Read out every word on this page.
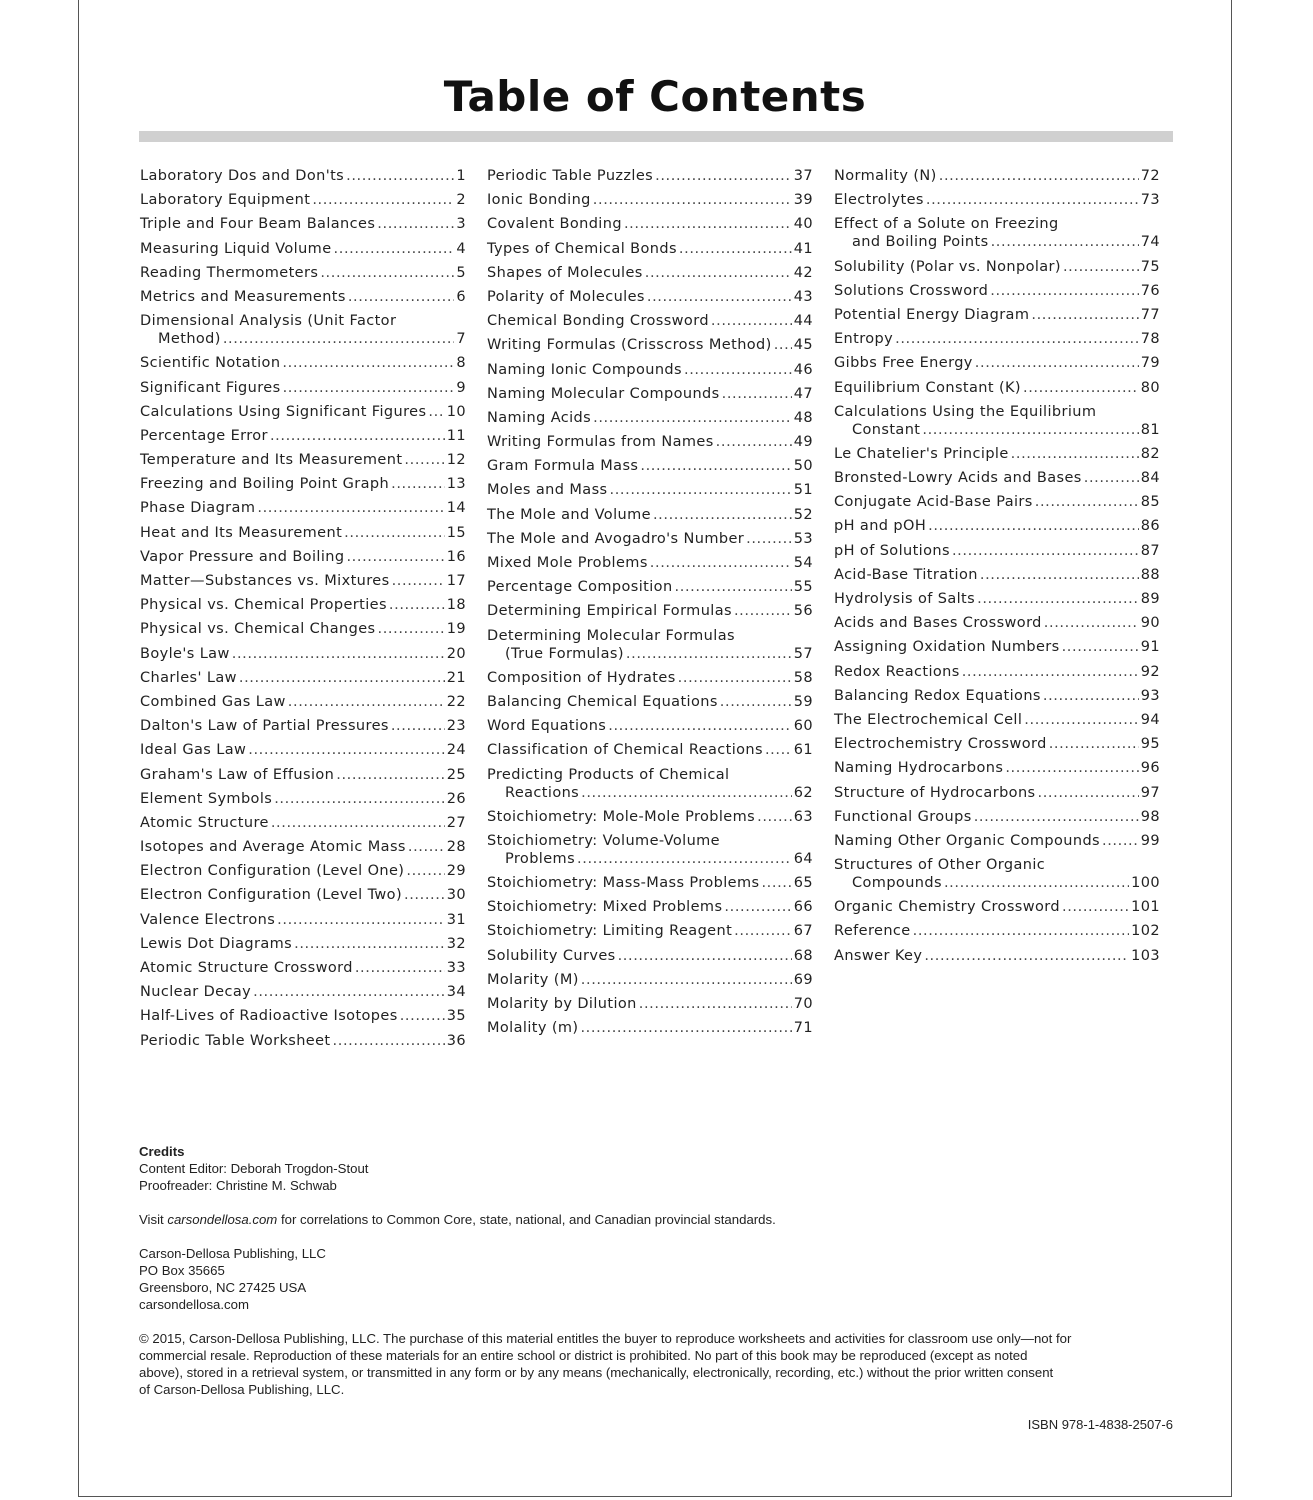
Table of Contents
Laboratory Dos and Don'ts .....	1
Laboratory Equipment .....	2
Triple and Four Beam Balances .....	3
Measuring Liquid Volume .....	4
Reading Thermometers .....	5
Metrics and Measurements .....	6
Dimensional Analysis (Unit Factor
Method) .....	7
Scientific Notation .....	8
Significant Figures .....	9
Calculations Using Significant Figures ..... 10
Percentage Error .....	11
Temperature and Its Measurement .....	12
Freezing and Boiling Point Graph .....	13
Phase Diagram .....	14
Heat and Its Measurement .....	15
Vapor Pressure and Boiling .....	16
Matter—Substances vs. Mixtures .....	17
Physical vs. Chemical Properties .....	18
Physical vs. Chemical Changes .....	19
Boyle's Law .....	20
Charles' Law .....	21
Combined Gas Law .....	22
Dalton's Law of Partial Pressures .....	23
Ideal Gas Law .....	24
Graham's Law of Effusion .....	25
Element Symbols .....	26
Atomic Structure .....	27
Isotopes and Average Atomic Mass .....	28
Electron Configuration (Level One) .....	29
Electron Configuration (Level Two) .....	30
Valence Electrons .....	31
Lewis Dot Diagrams .....	32
Atomic Structure Crossword .....	33
Nuclear Decay .....	34
Half-Lives of Radioactive Isotopes .....	35
Periodic Table Worksheet .....	36
Periodic Table Puzzles .....	37
Ionic Bonding .....	39
Covalent Bonding .....	40
Types of Chemical Bonds .....	41
Shapes of Molecules .....	42
Polarity of Molecules .....	43
Chemical Bonding Crossword .....	44
Writing Formulas (Crisscross Method) ..... 45
Naming Ionic Compounds .....	46
Naming Molecular Compounds .....	47
Naming Acids .....	48
Writing Formulas from Names .....	49
Gram Formula Mass .....	50
Moles and Mass .....	51
The Mole and Volume .....	52
The Mole and Avogadro's Number .....	53
Mixed Mole Problems .....	54
Percentage Composition .....	55
Determining Empirical Formulas .....	56
Determining Molecular Formulas
(True Formulas) .....	57
Composition of Hydrates .....	58
Balancing Chemical Equations .....	59
Word Equations .....	60
Classification of Chemical Reactions ..... 61
Predicting Products of Chemical
Reactions .....	62
Stoichiometry: Mole-Mole Problems .....	63
Stoichiometry: Volume-Volume
Problems .....	64
Stoichiometry: Mass-Mass Problems ..... 65
Stoichiometry: Mixed Problems .....	66
Stoichiometry: Limiting Reagent .....	67
Solubility Curves .....	68
Molarity (M) .....	69
Molarity by Dilution .....	70
Molality (m) .....	71
Normality (N) .....	72
Electrolytes .....	73
Effect of a Solute on Freezing
and Boiling Points .....	74
Solubility (Polar vs. Nonpolar) .....	75
Solutions Crossword .....	76
Potential Energy Diagram .....	77
Entropy .....	78
Gibbs Free Energy .....	79
Equilibrium Constant (K) .....	80
Calculations Using the Equilibrium
Constant .....	81
Le Chatelier's Principle .....	82
Bronsted-Lowry Acids and Bases .....	84
Conjugate Acid-Base Pairs .....	85
pH and pOH .....	86
pH of Solutions .....	87
Acid-Base Titration .....	88
Hydrolysis of Salts .....	89
Acids and Bases Crossword .....	90
Assigning Oxidation Numbers .....	91
Redox Reactions .....	92
Balancing Redox Equations .....	93
The Electrochemical Cell .....	94
Electrochemistry Crossword .....	95
Naming Hydrocarbons .....	96
Structure of Hydrocarbons .....	97
Functional Groups .....	98
Naming Other Organic Compounds .....	99
Structures of Other Organic
Compounds .....	100
Organic Chemistry Crossword .....	101
Reference .....	102
Answer Key .....	103
Credits
Content Editor: Deborah Trogdon-Stout
Proofreader: Christine M. Schwab
Visit carsondellosa.com for correlations to Common Core, state, national, and Canadian provincial standards.
Carson-Dellosa Publishing, LLC
PO Box 35665
Greensboro, NC 27425 USA
carsondellosa.com
© 2015, Carson-Dellosa Publishing, LLC. The purchase of this material entitles the buyer to reproduce worksheets and activities for classroom use only—not for
commercial resale. Reproduction of these materials for an entire school or district is prohibited. No part of this book may be reproduced (except as noted
above), stored in a retrieval system, or transmitted in any form or by any means (mechanically, electronically, recording, etc.) without the prior written consent
of Carson-Dellosa Publishing, LLC.
ISBN 978-1-4838-2507-6
